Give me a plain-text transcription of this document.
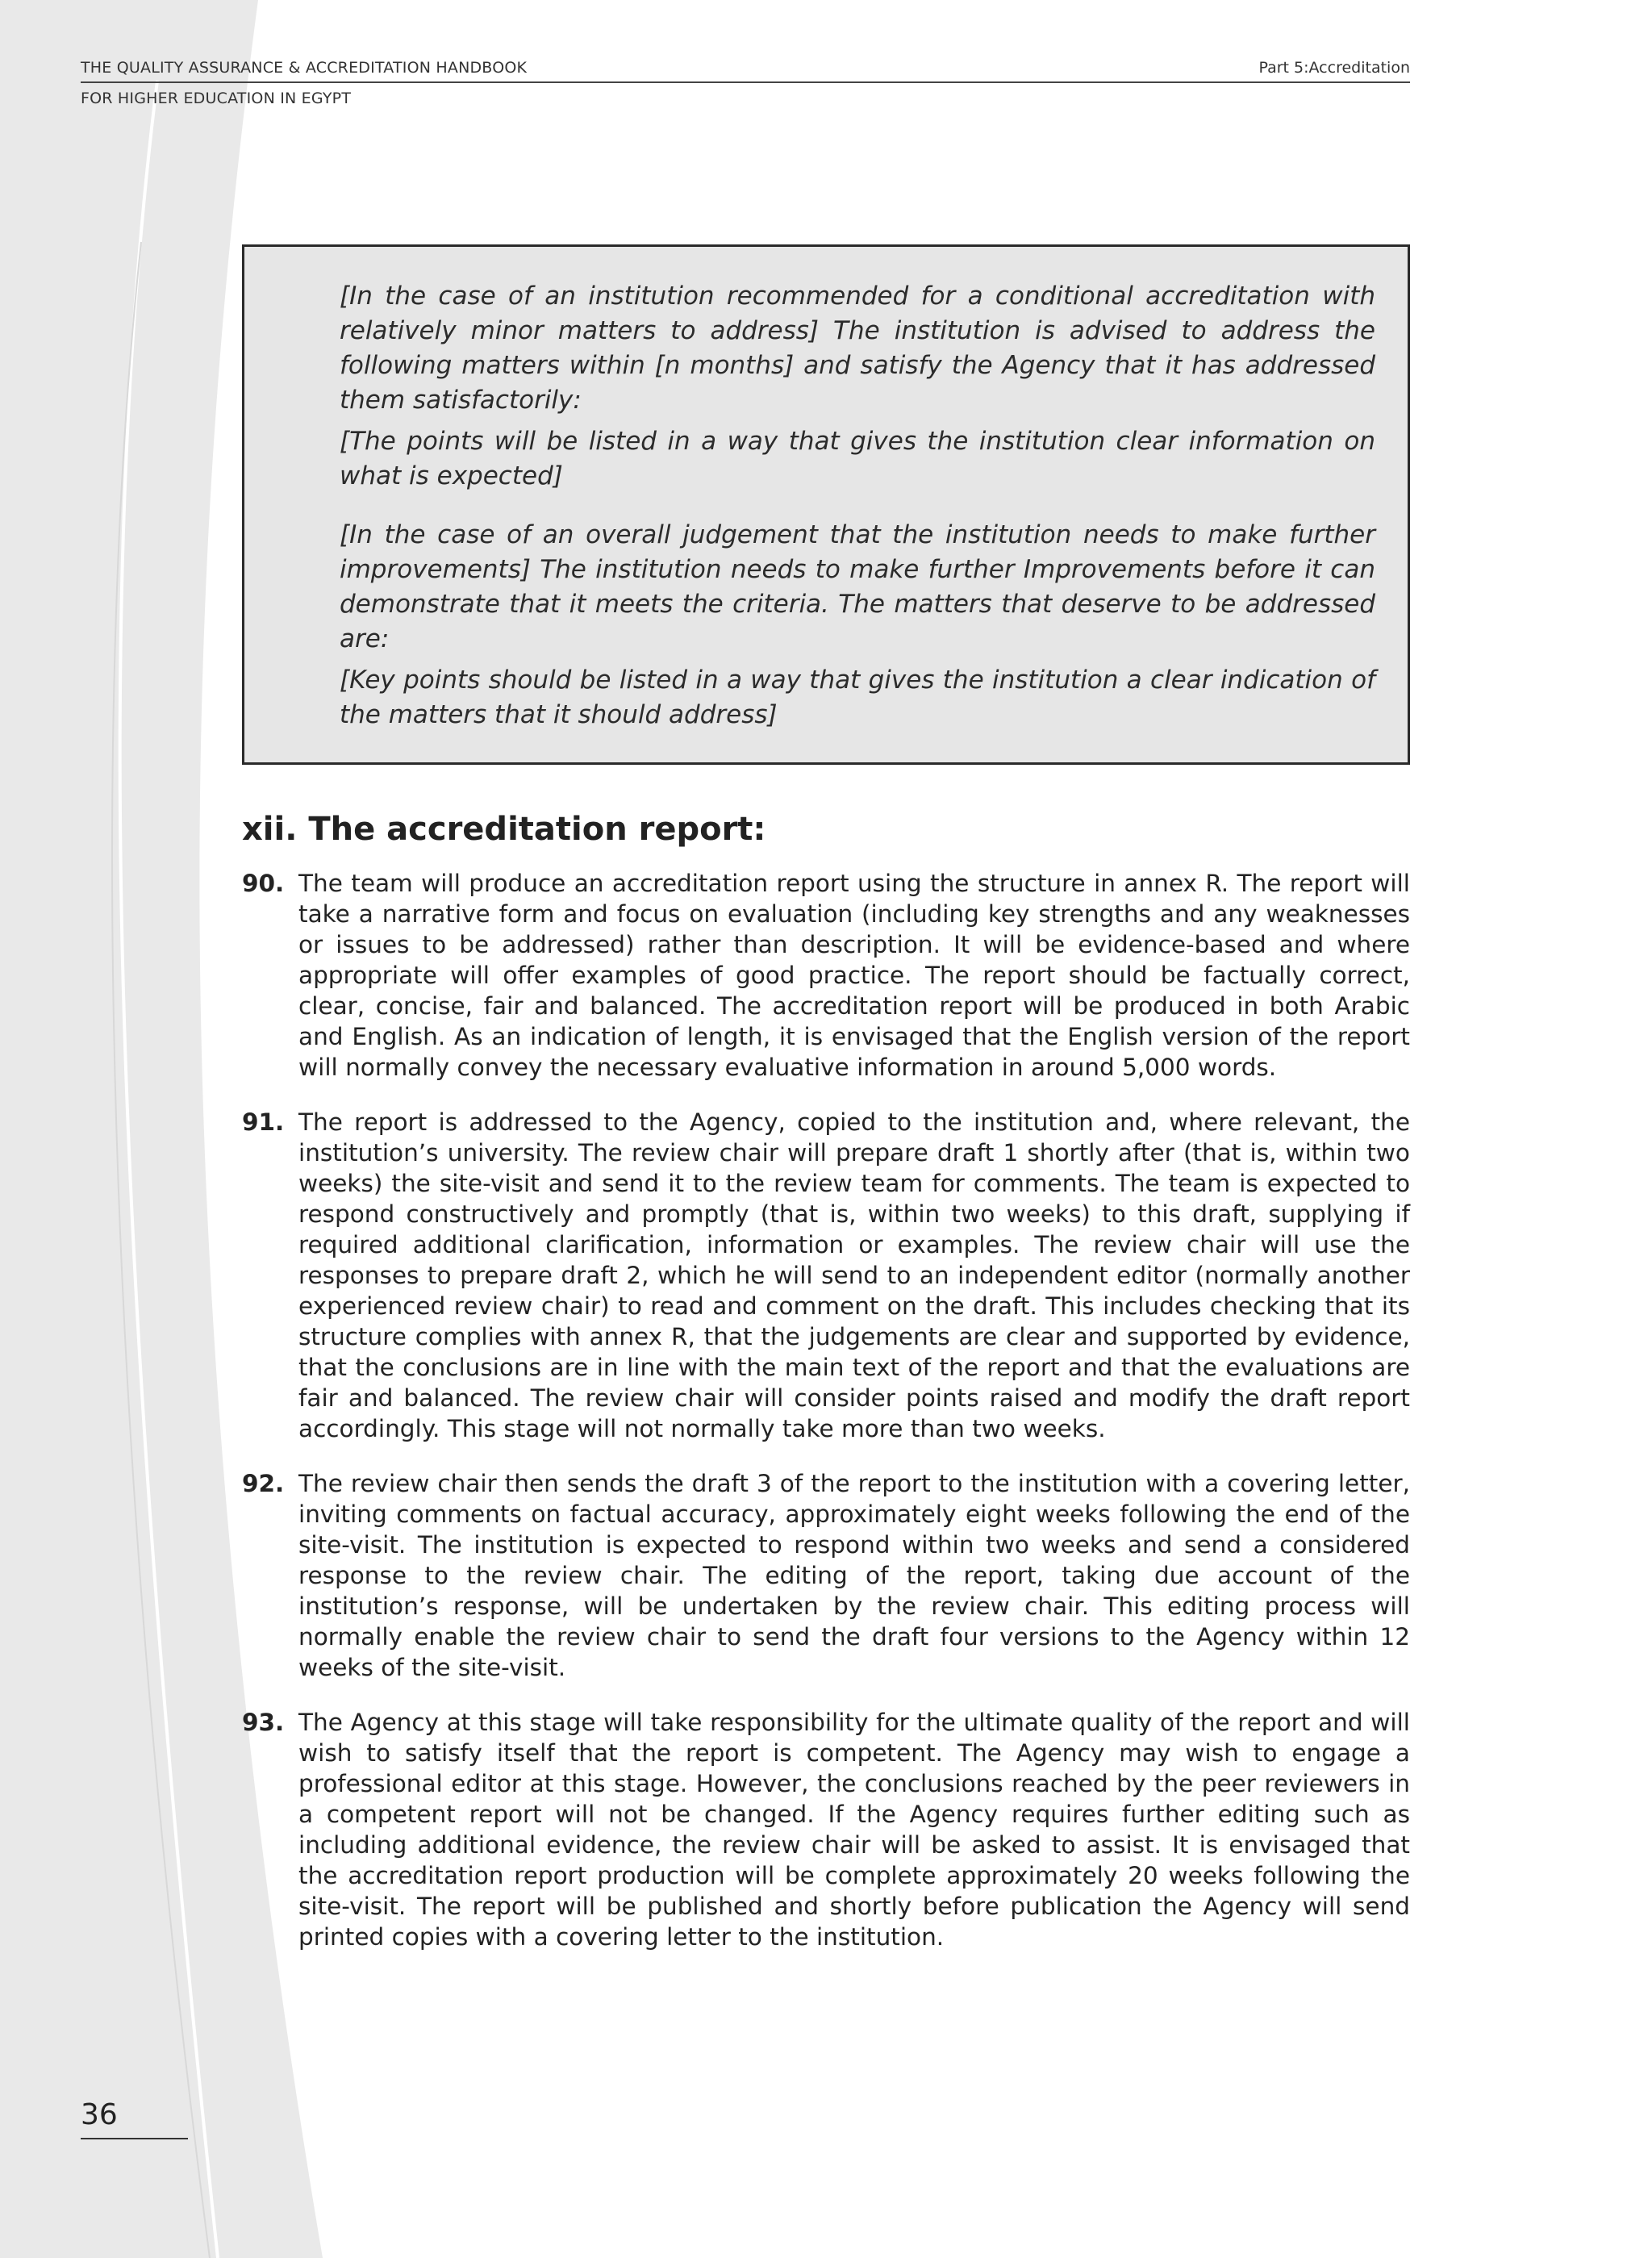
THE QUALITY ASSURANCE & ACCREDITATION HANDBOOK
FOR HIGHER EDUCATION IN EGYPT
Part 5:Accreditation

[In the case of an institution recommended for a conditional accreditation with relatively minor matters to address] The institution is advised to address the following matters within [n months] and satisfy the Agency that it has addressed them satisfactorily:

[The points will be listed in a way that gives the institution clear information on what is expected]

[In the case of an overall judgement that the institution needs to make further improvements] The institution needs to make further Improvements before it can demonstrate that it meets the criteria. The matters that deserve to be addressed are:

[Key points should be listed in a way that gives the institution a clear indication of the matters that it should address]

xii. The accreditation report:

90. The team will produce an accreditation report using the structure in annex R. The report will take a narrative form and focus on evaluation (including key strengths and any weaknesses or issues to be addressed) rather than description. It will be evidence-based and where appropriate will offer examples of good practice. The report should be factually correct, clear, concise, fair and balanced. The accreditation report will be produced in both Arabic and English. As an indication of length, it is envisaged that the English version of the report will normally convey the necessary evaluative information in around 5,000 words.

91. The report is addressed to the Agency, copied to the institution and, where relevant, the institution’s university. The review chair will prepare draft 1 shortly after (that is, within two weeks) the site-visit and send it to the review team for comments. The team is expected to respond constructively and promptly (that is, within two weeks) to this draft, supplying if required additional clarification, information or examples. The review chair will use the responses to prepare draft 2, which he will send to an independent editor (normally another experienced review chair) to read and comment on the draft. This includes checking that its structure complies with annex R, that the judgements are clear and supported by evidence, that the conclusions are in line with the main text of the report and that the evaluations are fair and balanced. The review chair will consider points raised and modify the draft report accordingly. This stage will not normally take more than two weeks.

92. The review chair then sends the draft 3 of the report to the institution with a covering letter, inviting comments on factual accuracy, approximately eight weeks following the end of the site-visit. The institution is expected to respond within two weeks and send a considered response to the review chair. The editing of the report, taking due account of the institution’s response, will be undertaken by the review chair. This editing process will normally enable the review chair to send the draft four versions to the Agency within 12 weeks of the site-visit.

93. The Agency at this stage will take responsibility for the ultimate quality of the report and will wish to satisfy itself that the report is competent. The Agency may wish to engage a professional editor at this stage. However, the conclusions reached by the peer reviewers in a competent report will not be changed. If the Agency requires further editing such as including additional evidence, the review chair will be asked to assist. It is envisaged that the accreditation report production will be complete approximately 20 weeks following the site-visit. The report will be published and shortly before publication the Agency will send printed copies with a covering letter to the institution.

36
